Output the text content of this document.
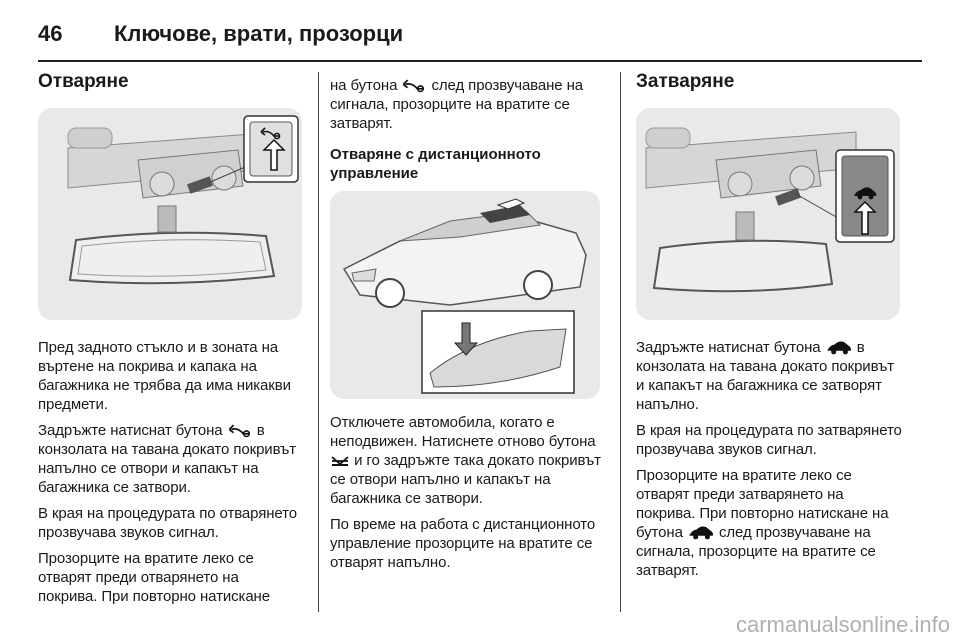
46	Ключове, врати, прозорци
Отваряне

Пред задното стъкло и в зоната на въртене на покрива и капака на багажника не трябва да има никакви предмети.

Задръжте натиснат бутона в конзолата на тавана докато покривът напълно се отвори и капакът на багажника се затвори.

В края на процедурата по отварянето прозвучава звуков сигнал.

Прозорците на вратите леко се отварят преди отварянето на покрива. При повторно натискане

на бутона след прозвучаване на сигнала, прозорците на вратите се затварят.

Отваряне с дистанционното управление

Отключете автомобила, когато е неподвижен. Натиснете отново бутона  и го задръжте така докато покривът се отвори напълно и капакът на багажника се затвори.

По време на работа с дистанционното управление прозорците на вратите се отварят напълно.

Затваряне

Задръжте натиснат бутона в конзолата на тавана докато покривът и капакът на багажника се затворят напълно.

В края на процедурата по затварянето прозвучава звуков сигнал.

Прозорците на вратите леко се отварят преди затварянето на покрива. При повторно натискане на бутона след прозвучаване на сигнала, прозорците на вратите се затварят.

carmanualsonline.info
